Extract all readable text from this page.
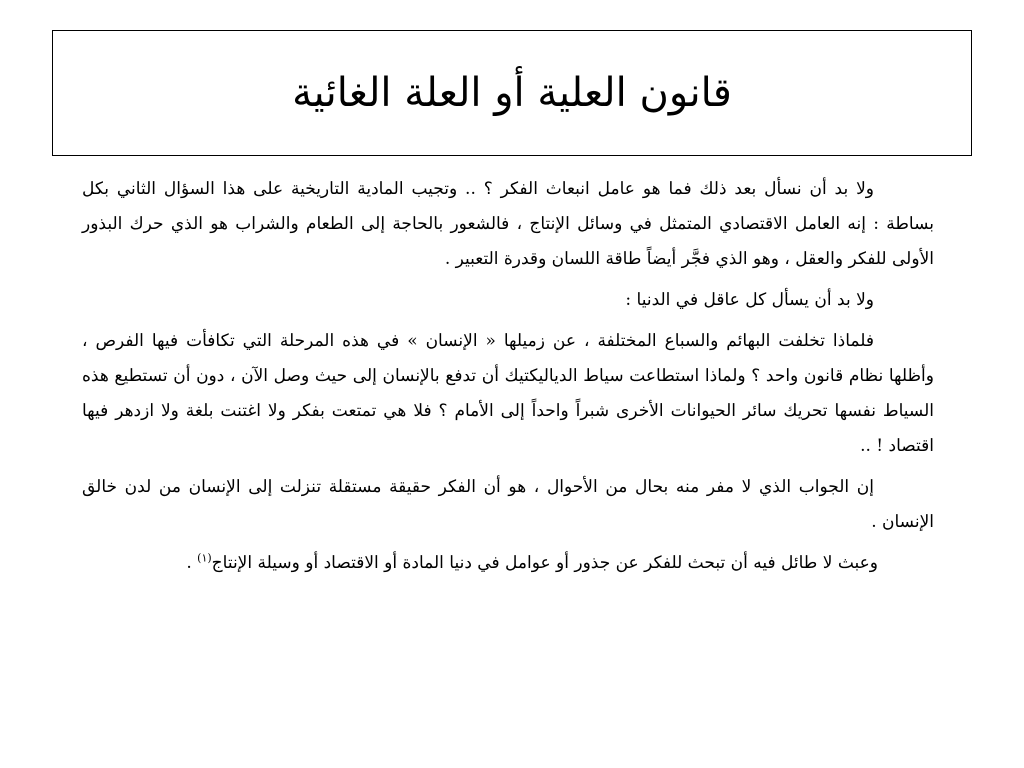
قانون العلية أو العلة الغائية

ولا بد أن نسأل بعد ذلك فما هو عامل انبعاث الفكر ؟ .. وتجيب المادية التاريخية على هذا السؤال الثاني بكل بساطة : إنه العامل الاقتصادي المتمثل في وسائل الإنتاج ، فالشعور بالحاجة إلى الطعام والشراب هو الذي حرك البذور الأولى للفكر والعقل ، وهو الذي فجَّر أيضاً طاقة اللسان وقدرة التعبير .

ولا بد أن يسأل كل عاقل في الدنيا :

فلماذا تخلفت البهائم والسباع المختلفة ، عن زميلها « الإنسان » في هذه المرحلة التي تكافأت فيها الفرص ، وأظلها نظام قانون واحد ؟ ولماذا استطاعت سياط الدياليكتيك أن تدفع بالإنسان إلى حيث وصل الآن ، دون أن تستطيع هذه السياط نفسها تحريك سائر الحيوانات الأخرى شبراً واحداً إلى الأمام ؟ فلا هي تمتعت بفكر ولا اغتنت بلغة ولا ازدهر فيها اقتصاد ! ..

إن الجواب الذي لا مفر منه بحال من الأحوال ، هو أن الفكر حقيقة مستقلة تنزلت إلى الإنسان من لدن خالق الإنسان .

وعبث لا طائل فيه أن تبحث للفكر عن جذور أو عوامل في دنيا المادة أو الاقتصاد أو وسيلة الإنتاج$^{(١)}$ .
